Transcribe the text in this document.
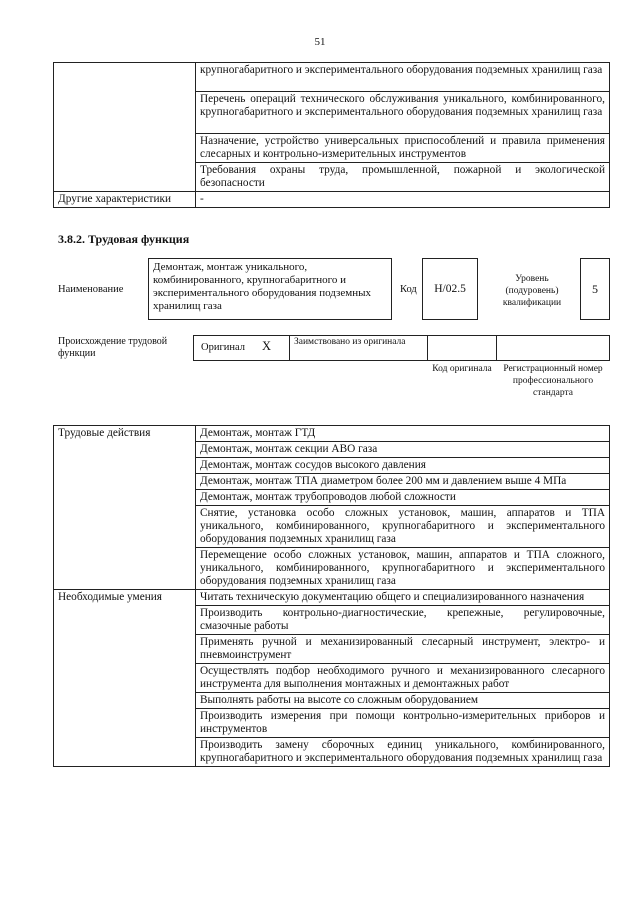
51
	крупногабаритного и экспериментального оборудования подземных хранилищ газа
	Перечень операций технического обслуживания уникального, комбинированного, крупногабаритного и экспериментального оборудования подземных хранилищ газа
	Назначение, устройство универсальных приспособлений и правила применения слесарных и контрольно-измерительных инструментов
	Требования охраны труда, промышленной, пожарной и экологической безопасности
Другие характеристики	-
3.8.2. Трудовая функция
Наименование
Демонтаж, монтаж уникального, комбинированного, крупногабаритного и экспериментального оборудования подземных хранилищ газа
Код	Н/02.5
Уровень (подуровень) квалификации
5
Происхождение трудовой функции
Оригинал X Заимствовано из оригинала
Код оригинала	Регистрационный номер профессионального стандарта
Трудовые действия	Демонтаж, монтаж ГТД
	Демонтаж, монтаж секции АВО газа
	Демонтаж, монтаж сосудов высокого давления
	Демонтаж, монтаж ТПА диаметром более 200 мм и давлением выше 4 МПа
	Демонтаж, монтаж трубопроводов любой сложности
	Снятие, установка особо сложных установок, машин, аппаратов и ТПА уникального, комбинированного, крупногабаритного и экспериментального оборудования подземных хранилищ газа
	Перемещение особо сложных установок, машин, аппаратов и ТПА сложного, уникального, комбинированного, крупногабаритного и экспериментального оборудования подземных хранилищ газа
Необходимые умения	Читать техническую документацию общего и специализированного назначения
	Производить контрольно-диагностические, крепежные, регулировочные, смазочные работы
	Применять ручной и механизированный слесарный инструмент, электро- и пневмоинструмент
	Осуществлять подбор необходимого ручного и механизированного слесарного инструмента для выполнения монтажных и демонтажных работ
	Выполнять работы на высоте со сложным оборудованием
	Производить измерения при помощи контрольно-измерительных приборов и инструментов
	Производить замену сборочных единиц уникального, комбинированного, крупногабаритного и экспериментального оборудования подземных хранилищ газа
